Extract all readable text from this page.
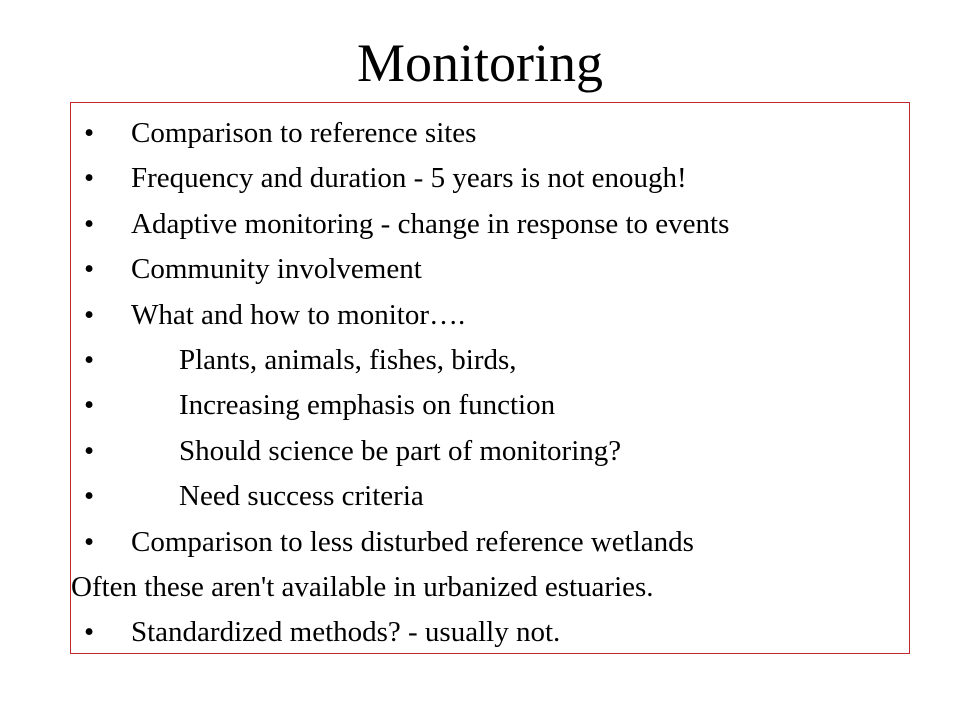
Monitoring
• Comparison to reference sites
• Frequency and duration - 5 years is not enough!
• Adaptive monitoring - change in response to events
• Community involvement
• What and how to monitor….
•	Plants, animals, fishes, birds,
•	Increasing emphasis on function
•	Should science be part of monitoring?
•	Need success criteria
• Comparison to less disturbed reference wetlands
Often these aren't available in urbanized estuaries.
• Standardized methods? - usually not.
